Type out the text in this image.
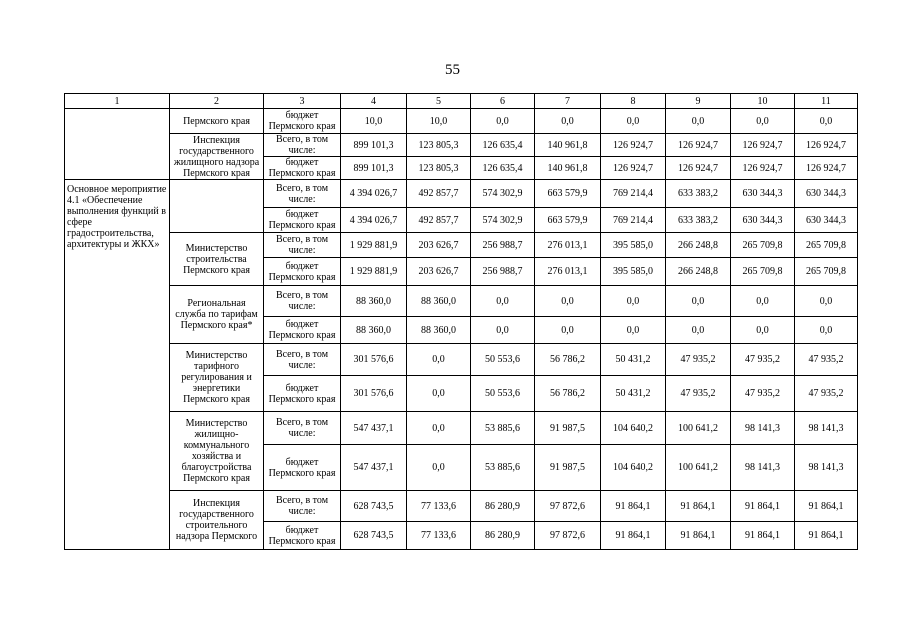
55
1	2	3	4	5	6	7	8	9	10	11
	Пермского края	бюджет Пермского края	10,0	10,0	0,0	0,0	0,0	0,0	0,0	0,0
	Инспекция государственного жилищного надзора Пермского края	Всего, в том числе:	899 101,3	123 805,3	126 635,4	140 961,8	126 924,7	126 924,7	126 924,7	126 924,7
		бюджет Пермского края	899 101,3	123 805,3	126 635,4	140 961,8	126 924,7	126 924,7	126 924,7	126 924,7
Основное мероприятие 4.1 «Обеспечение выполнения функций в сфере градостроительства, архитектуры и ЖКХ»		Всего, в том числе:	4 394 026,7	492 857,7	574 302,9	663 579,9	769 214,4	633 383,2	630 344,3	630 344,3
		бюджет Пермского края	4 394 026,7	492 857,7	574 302,9	663 579,9	769 214,4	633 383,2	630 344,3	630 344,3
	Министерство строительства Пермского края	Всего, в том числе:	1 929 881,9	203 626,7	256 988,7	276 013,1	395 585,0	266 248,8	265 709,8	265 709,8
		бюджет Пермского края	1 929 881,9	203 626,7	256 988,7	276 013,1	395 585,0	266 248,8	265 709,8	265 709,8
	Региональная служба по тарифам Пермского края*	Всего, в том числе:	88 360,0	88 360,0	0,0	0,0	0,0	0,0	0,0	0,0
		бюджет Пермского края	88 360,0	88 360,0	0,0	0,0	0,0	0,0	0,0	0,0
	Министерство тарифного регулирования и энергетики Пермского края	Всего, в том числе:	301 576,6	0,0	50 553,6	56 786,2	50 431,2	47 935,2	47 935,2	47 935,2
		бюджет Пермского края	301 576,6	0,0	50 553,6	56 786,2	50 431,2	47 935,2	47 935,2	47 935,2
	Министерство жилищно-коммунального хозяйства и благоустройства Пермского края	Всего, в том числе:	547 437,1	0,0	53 885,6	91 987,5	104 640,2	100 641,2	98 141,3	98 141,3
		бюджет Пермского края	547 437,1	0,0	53 885,6	91 987,5	104 640,2	100 641,2	98 141,3	98 141,3
	Инспекция государственного строительного надзора Пермского	Всего, в том числе:	628 743,5	77 133,6	86 280,9	97 872,6	91 864,1	91 864,1	91 864,1	91 864,1
		бюджет Пермского края	628 743,5	77 133,6	86 280,9	97 872,6	91 864,1	91 864,1	91 864,1	91 864,1
